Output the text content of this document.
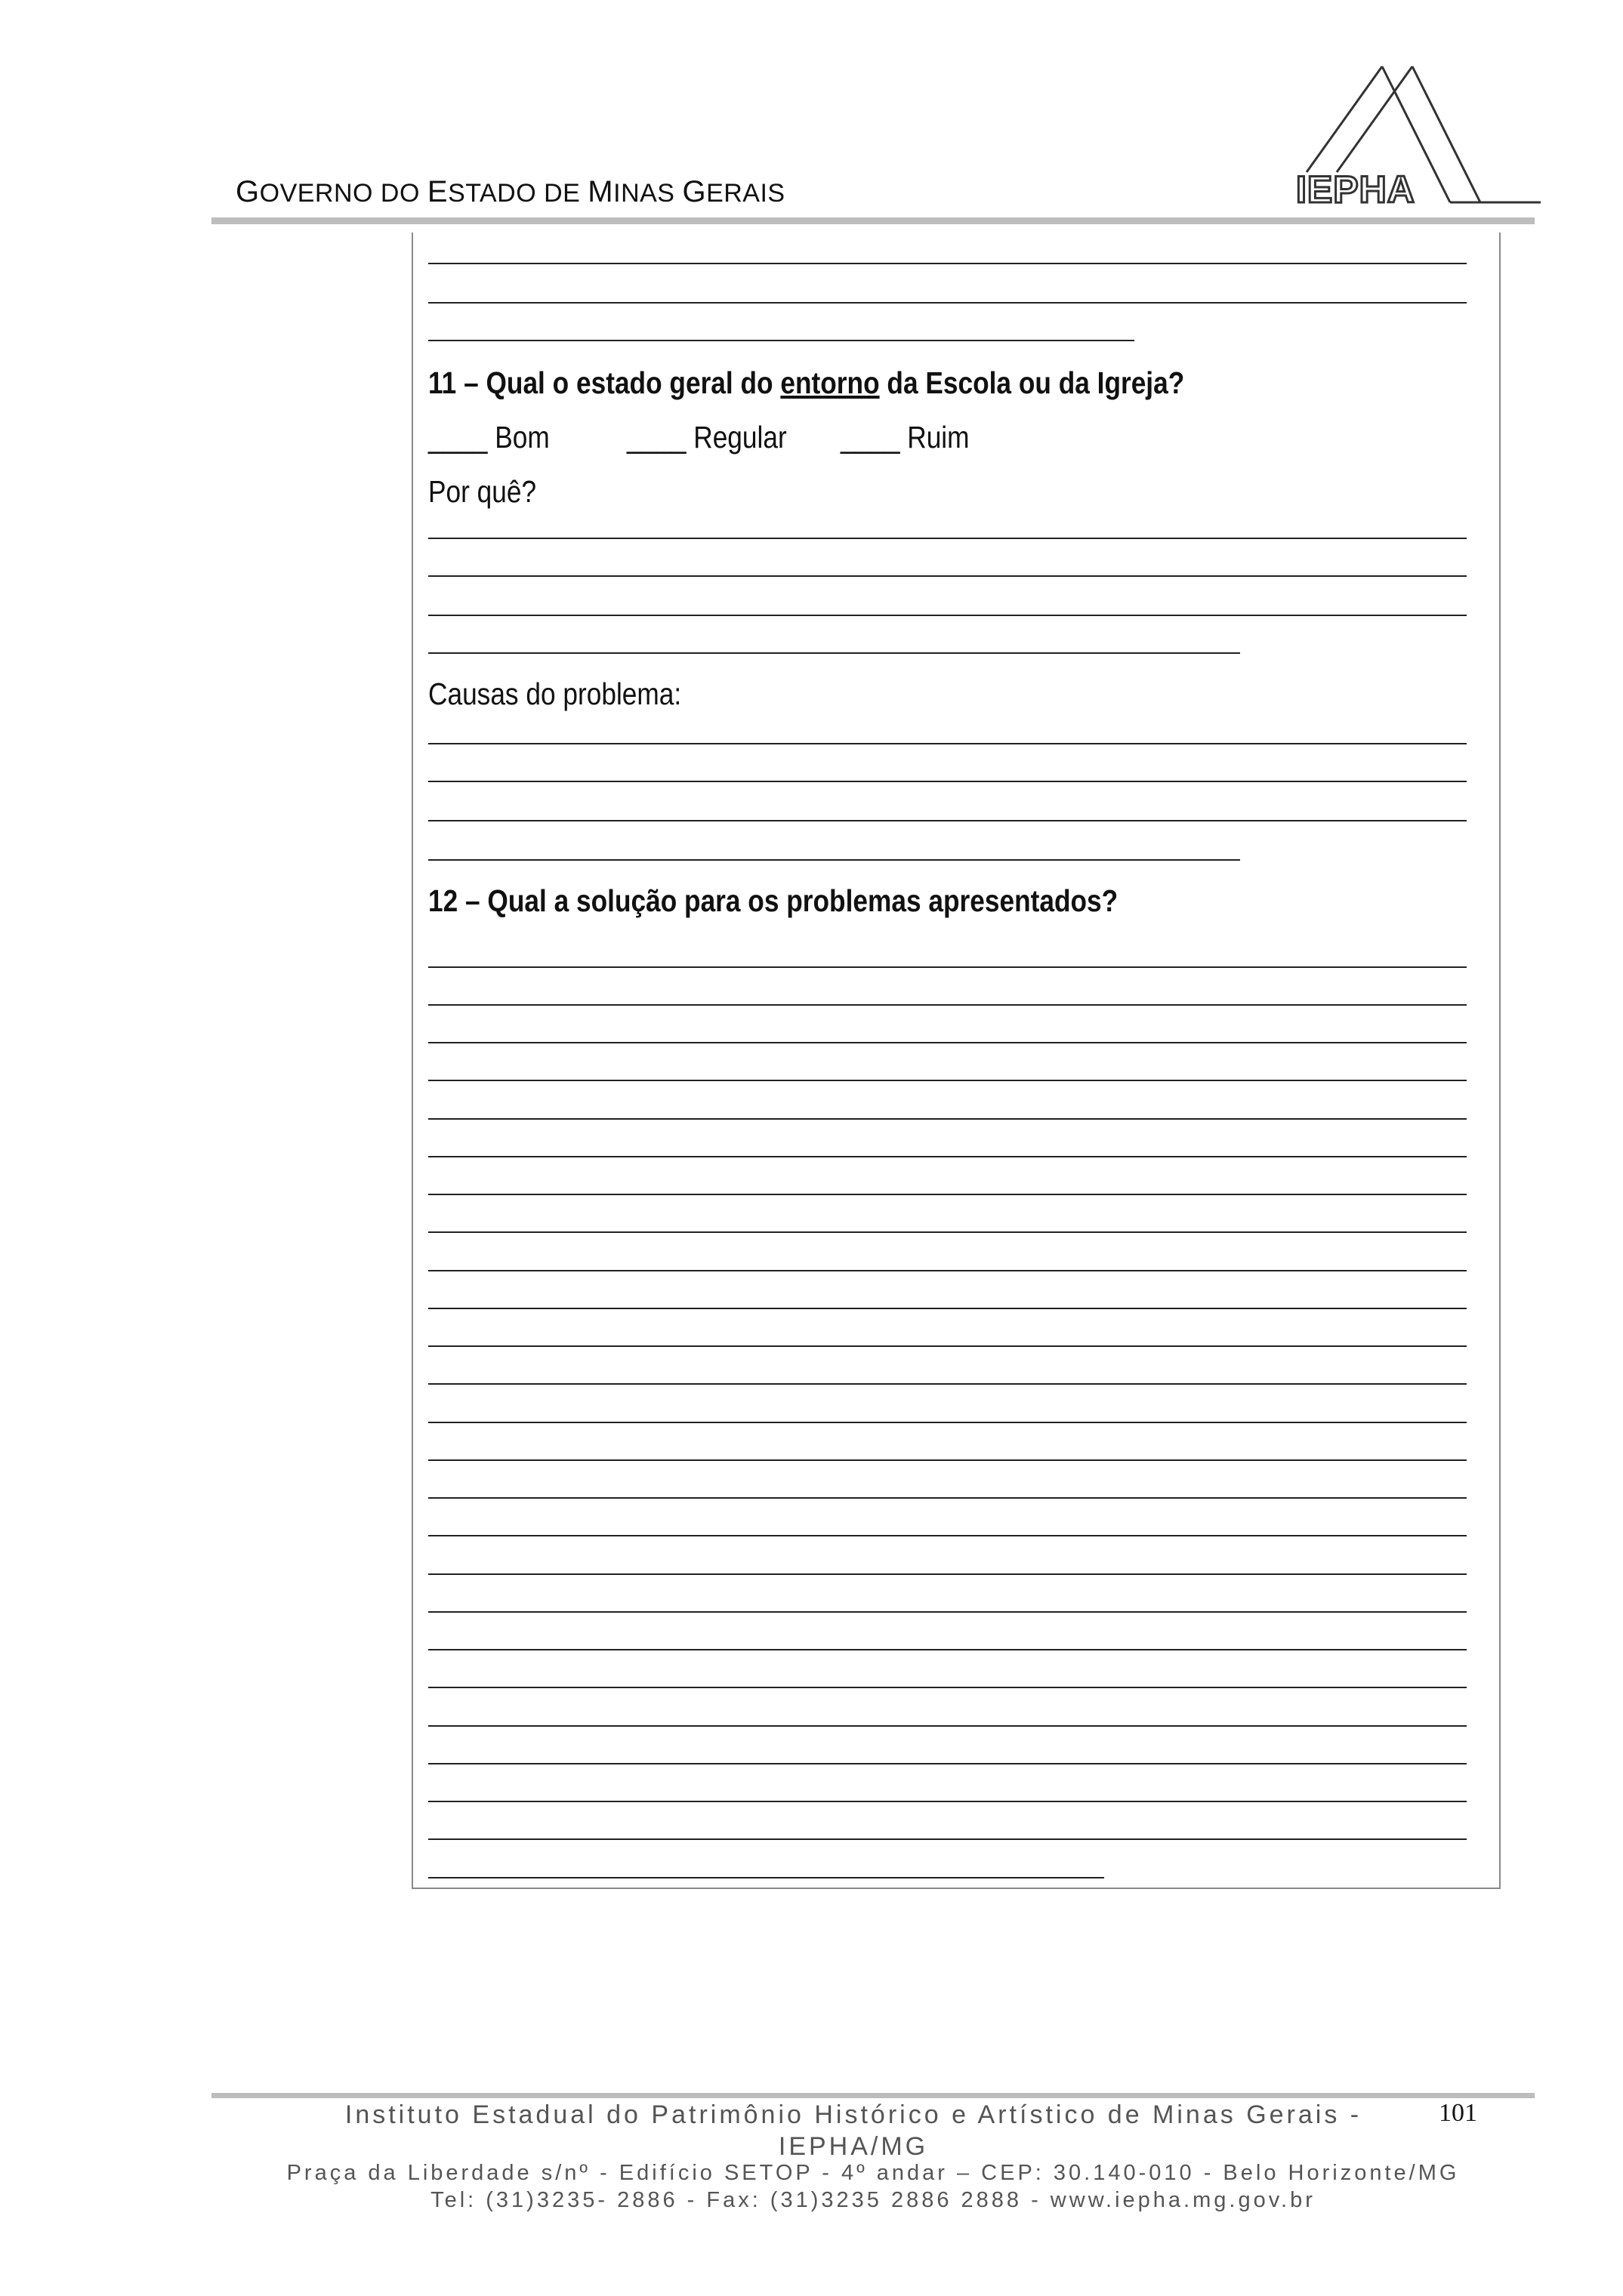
GOVERNO DO ESTADO DE MINAS GERAIS	IEPHA
11 – Qual o estado geral do entorno da Escola ou da Igreja?
____ Bom ____ Regular ____ Ruim
Por quê?
Causas do problema:
12 – Qual a solução para os problemas apresentados?
Instituto Estadual do Patrimônio Histórico e Artístico de Minas Gerais -
IEPHA/MG
101
Praça da Liberdade s/nº - Edifício SETOP - 4º andar – CEP: 30.140-010 - Belo Horizonte/MG
Tel: (31)3235- 2886 - Fax: (31)3235 2886 2888 - www.iepha.mg.gov.br
